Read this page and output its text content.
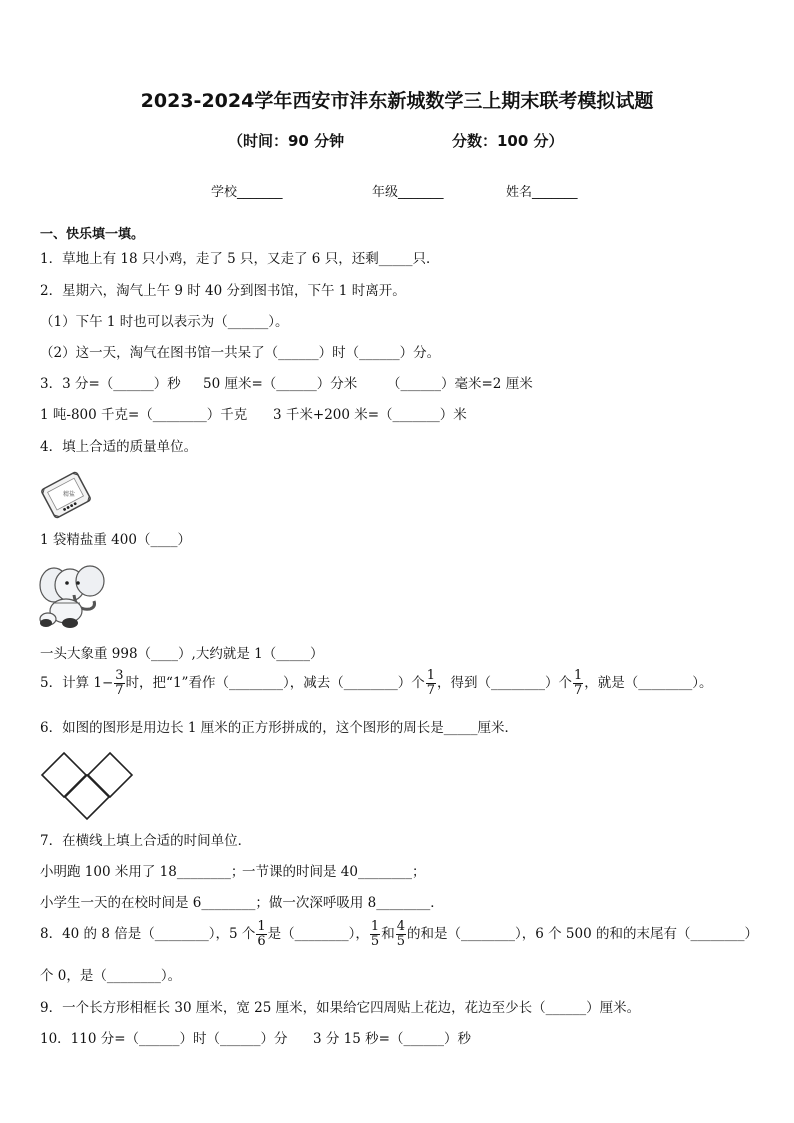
2023-2024学年西安市沣东新城数学三上期末联考模拟试题
（时间：90 分钟	分数：100 分）
学校_______	年级_______	姓名_______
一、快乐填一填。
1．草地上有 18 只小鸡，走了 5 只，又走了 6 只，还剩_____只．
2．星期六，淘气上午 9 时 40 分到图书馆，下午 1 时离开。
（1）下午 1 时也可以表示为（______）。
（2）这一天，淘气在图书馆一共呆了（______）时（______）分。
3．3 分=（______）秒 50 厘米=（______）分米 （______）毫米=2 厘米
1 吨-800 千克=（________）千克 3 千米+200 米=（_______）米
4．填上合适的质量单位。
精盐
1 袋精盐重 400（____）
一头大象重 998（____）,大约就是 1（_____）
5．计算 $1- \frac{3}{7}$ 时，把“1”看作（________），减去（________）个 $\frac{1}{7}$ ，得到（________）个 $\frac{1}{7}$ ，就是（________）。
6．如图的图形是用边长 1 厘米的正方形拼成的，这个图形的周长是_____厘米．
7．在横线上填上合适的时间单位．
小明跑 100 米用了 18________；
一节课的时间是 40________；
小学生一天的在校时间是 6________；做一次深呼吸用 8________．
8．40 的 8 倍是（________），5 个 $\frac{1}{6}$ 是（________）， $\frac{1}{5}$ 和 $\frac{4}{5}$ 的和是（________），6 个 500 的和的末尾有（________）
个 0，是（________）。
9．一个长方形相框长 30 厘米，宽 25 厘米，如果给它四周贴上花边，花边至少长（______）厘米。
10．110 分=（______）时（______）分 3 分 15 秒=（______）秒
